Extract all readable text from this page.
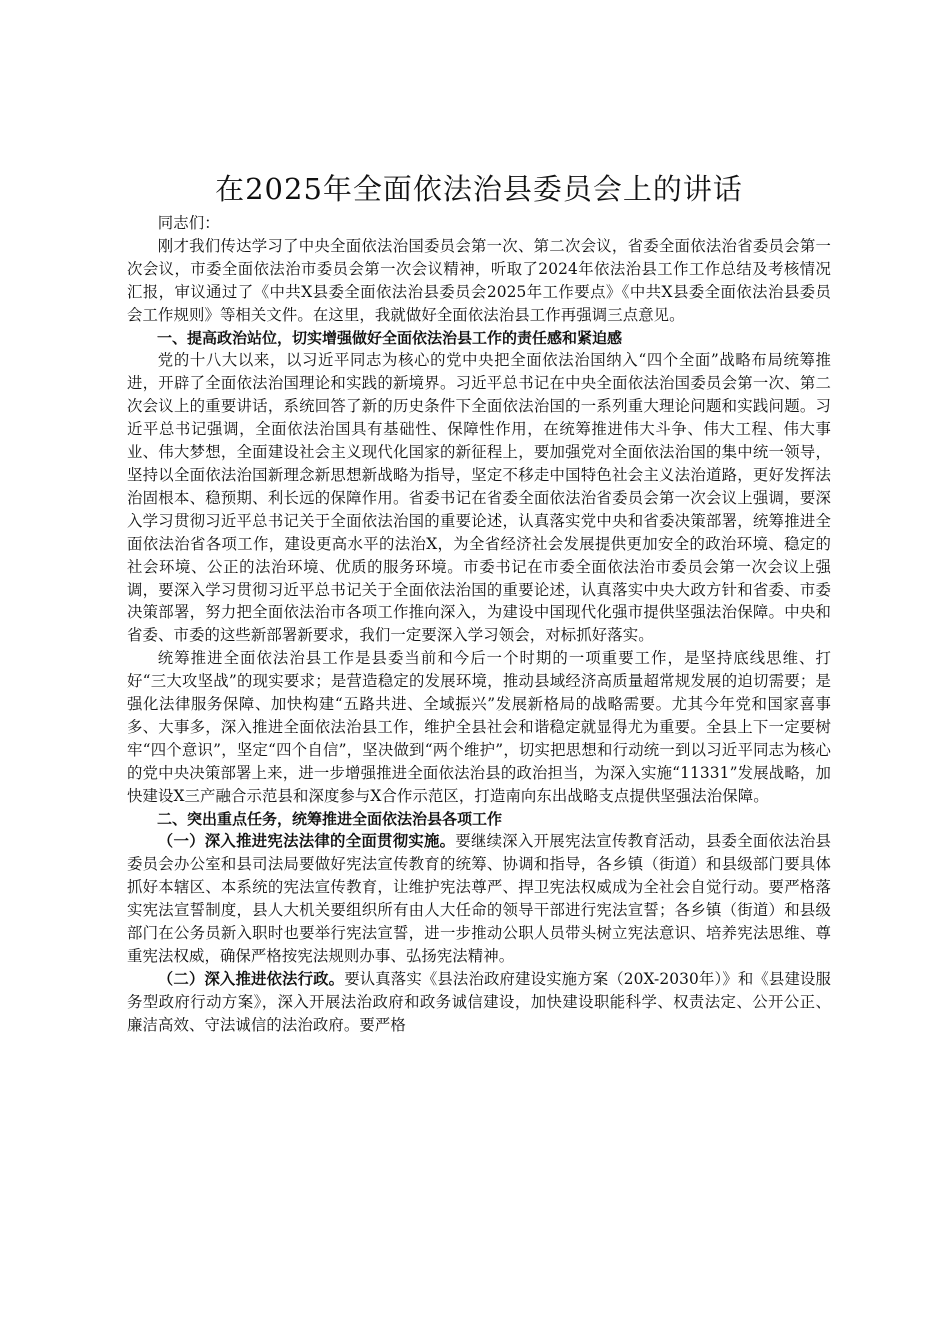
在2025年全面依法治县委员会上的讲话

同志们：

刚才我们传达学习了中央全面依法治国委员会第一次、第二次会议，省委全面依法治省委员会第一次会议，市委全面依法治市委员会第一次会议精神，听取了2024年依法治县工作工作总结及考核情况汇报，审议通过了《中共X县委全面依法治县委员会2025年工作要点》《中共X县委全面依法治县委员会工作规则》等相关文件。在这里，我就做好全面依法治县工作再强调三点意见。

一、提高政治站位，切实增强做好全面依法治县工作的责任感和紧迫感

党的十八大以来，以习近平同志为核心的党中央把全面依法治国纳入“四个全面”战略布局统筹推进，开辟了全面依法治国理论和实践的新境界。习近平总书记在中央全面依法治国委员会第一次、第二次会议上的重要讲话，系统回答了新的历史条件下全面依法治国的一系列重大理论问题和实践问题。习近平总书记强调，全面依法治国具有基础性、保障性作用，在统筹推进伟大斗争、伟大工程、伟大事业、伟大梦想，全面建设社会主义现代化国家的新征程上，要加强党对全面依法治国的集中统一领导，坚持以全面依法治国新理念新思想新战略为指导，坚定不移走中国特色社会主义法治道路，更好发挥法治固根本、稳预期、利长远的保障作用。省委书记在省委全面依法治省委员会第一次会议上强调，要深入学习贯彻习近平总书记关于全面依法治国的重要论述，认真落实党中央和省委决策部署，统筹推进全面依法治省各项工作，建设更高水平的法治X，为全省经济社会发展提供更加安全的政治环境、稳定的社会环境、公正的法治环境、优质的服务环境。市委书记在市委全面依法治市委员会第一次会议上强调，要深入学习贯彻习近平总书记关于全面依法治国的重要论述，认真落实中央大政方针和省委、市委决策部署，努力把全面依法治市各项工作推向深入，为建设中国现代化强市提供坚强法治保障。中央和省委、市委的这些新部署新要求，我们一定要深入学习领会，对标抓好落实。

统筹推进全面依法治县工作是县委当前和今后一个时期的一项重要工作，是坚持底线思维、打好“三大攻坚战”的现实要求；是营造稳定的发展环境，推动县域经济高质量超常规发展的迫切需要；是强化法律服务保障、加快构建“五路共进、全域振兴”发展新格局的战略需要。尤其今年党和国家喜事多、大事多，深入推进全面依法治县工作，维护全县社会和谐稳定就显得尤为重要。全县上下一定要树牢“四个意识”，坚定“四个自信”，坚决做到“两个维护”，切实把思想和行动统一到以习近平同志为核心的党中央决策部署上来，进一步增强推进全面依法治县的政治担当，为深入实施“11331”发展战略，加快建设X三产融合示范县和深度参与X合作示范区，打造南向东出战略支点提供坚强法治保障。

二、突出重点任务，统筹推进全面依法治县各项工作

（一）深入推进宪法法律的全面贯彻实施。要继续深入开展宪法宣传教育活动，县委全面依法治县委员会办公室和县司法局要做好宪法宣传教育的统筹、协调和指导，各乡镇（街道）和县级部门要具体抓好本辖区、本系统的宪法宣传教育，让维护宪法尊严、捍卫宪法权威成为全社会自觉行动。要严格落实宪法宣誓制度，县人大机关要组织所有由人大任命的领导干部进行宪法宣誓；各乡镇（街道）和县级部门在公务员新入职时也要举行宪法宣誓，进一步推动公职人员带头树立宪法意识、培养宪法思维、尊重宪法权威，确保严格按宪法规则办事、弘扬宪法精神。

（二）深入推进依法行政。要认真落实《县法治政府建设实施方案（20X-2030年）》和《县建设服务型政府行动方案》，深入开展法治政府和政务诚信建设，加快建设职能科学、权责法定、公开公正、廉洁高效、守法诚信的法治政府。要严格
